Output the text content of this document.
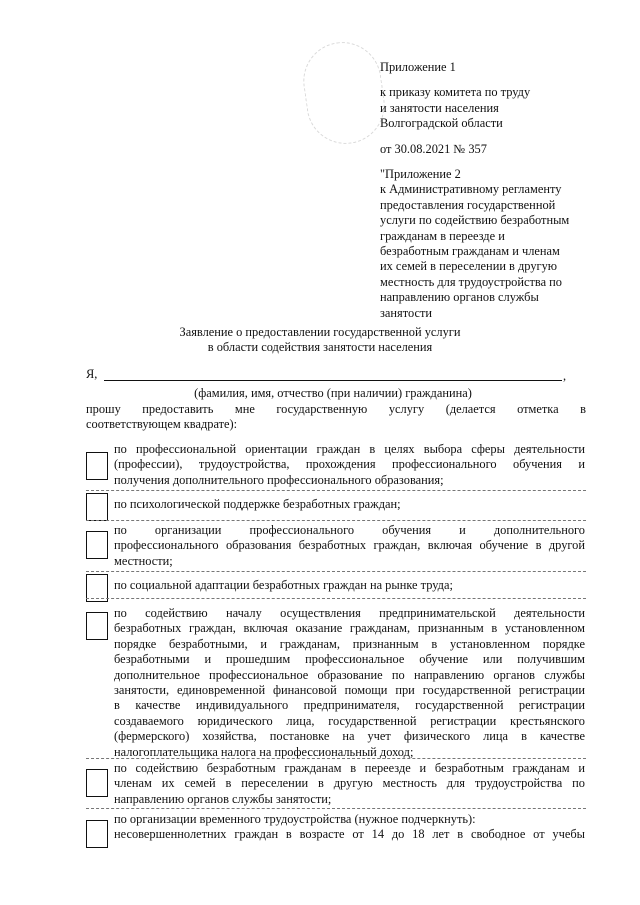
Приложение 1
к приказу комитета по труду
и занятости населения
Волгоградской области
от 30.08.2021 № 357
"Приложение 2
к Административному регламенту
предоставления государственной
услуги по содействию безработным
гражданам в переезде и
безработным гражданам и членам
их семей в переселении в другую
местность для трудоустройства по
направлению органов службы
занятости
Заявление о предоставлении государственной услуги
в области содействия занятости населения
Я,	,
(фамилия, имя, отчество (при наличии) гражданина)
прошу предоставить мне государственную услугу (делается отметка в
соответствующем квадрате):
по профессиональной ориентации граждан в целях выбора сферы деятельности
(профессии), трудоустройства, прохождения профессионального обучения и
получения дополнительного профессионального образования;
по психологической поддержке безработных граждан;
по организации профессионального обучения и дополнительного
профессионального образования безработных граждан, включая обучение в другой
местности;
по социальной адаптации безработных граждан на рынке труда;
по содействию началу осуществления предпринимательской деятельности
безработных граждан, включая оказание гражданам, признанным в установленном
порядке безработными, и гражданам, признанным в установленном порядке
безработными и прошедшим профессиональное обучение или получившим
дополнительное профессиональное образование по направлению органов службы
занятости, единовременной финансовой помощи при государственной регистрации
в качестве индивидуального предпринимателя, государственной регистрации
создаваемого юридического лица, государственной регистрации крестьянского
(фермерского) хозяйства, постановке на учет физического лица в качестве
налогоплательщика налога на профессиональный доход;
по содействию безработным гражданам в переезде и безработным гражданам и
членам их семей в переселении в другую местность для трудоустройства по
направлению органов службы занятости;
по организации временного трудоустройства (нужное подчеркнуть):
несовершеннолетних граждан в возрасте от 14 до 18 лет в свободное от учебы
